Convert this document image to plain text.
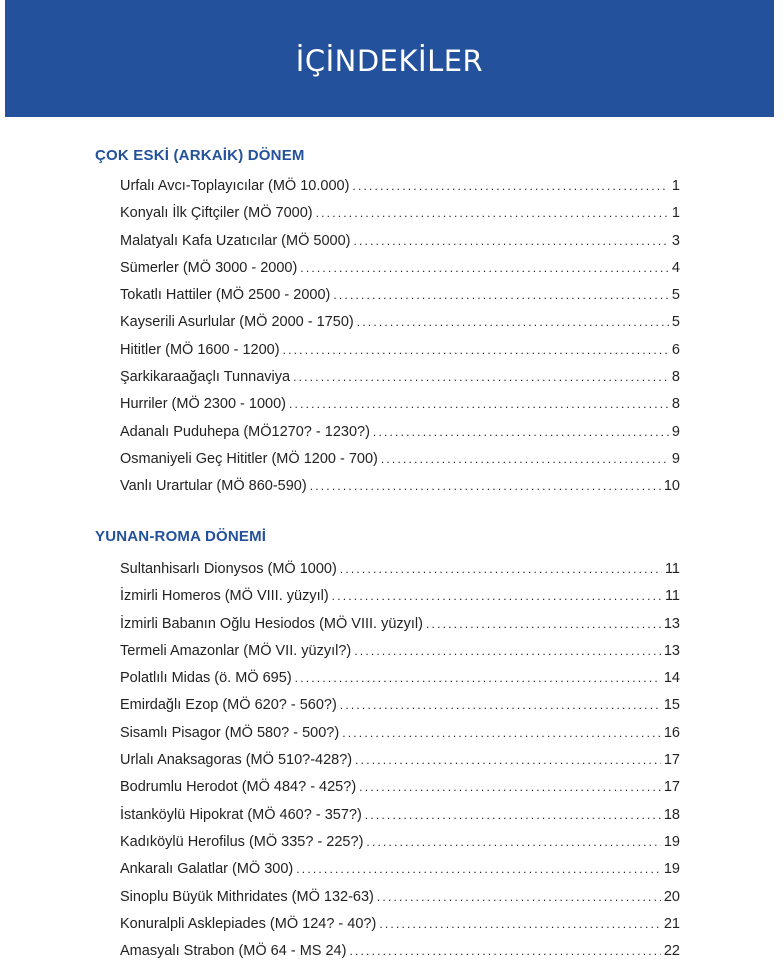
İÇİNDEKİLER
ÇOK ESKİ (ARKAİK) DÖNEM
Urfalı Avcı-Toplayıcılar (MÖ 10.000) .....	1
Konyalı İlk Çiftçiler (MÖ 7000) .....	1
Malatyalı Kafa Uzatıcılar (MÖ 5000) .....	3
Sümerler (MÖ 3000 - 2000) .....	4
Tokatlı Hattiler (MÖ 2500 - 2000) .....	5
Kayserili Asurlular (MÖ 2000 - 1750) .....	5
Hititler (MÖ 1600 - 1200) .....	6
Şarkikaraağaçlı Tunnaviya .....	8
Hurriler (MÖ 2300 - 1000) .....	8
Adanalı Puduhepa (MÖ1270? - 1230?) .....	9
Osmaniyeli Geç Hititler (MÖ 1200 - 700) .....	9
Vanlı Urartular (MÖ 860-590) .....	10
YUNAN-ROMA DÖNEMİ
Sultanhisarlı Dionysos (MÖ 1000) .....	11
İzmirli Homeros (MÖ VIII. yüzyıl) .....	11
İzmirli Babanın Oğlu Hesiodos (MÖ VIII. yüzyıl) .....	13
Termeli Amazonlar (MÖ VII. yüzyıl?) .....	13
Polatlılı Midas (ö. MÖ 695) .....	14
Emirdağlı Ezop (MÖ 620? - 560?) .....	15
Sisamlı Pisagor (MÖ 580? - 500?) .....	16
Urlalı Anaksagoras (MÖ 510?-428?) .....	17
Bodrumlu Herodot (MÖ 484? - 425?) .....	17
İstanköylü Hipokrat (MÖ 460? - 357?) .....	18
Kadıköylü Herofilus (MÖ 335? - 225?) .....	19
Ankaralı Galatlar (MÖ 300) .....	19
Sinoplu Büyük Mithridates (MÖ 132-63) .....	20
Konuralpli Asklepiades (MÖ 124? - 40?) .....	21
Amasyalı Strabon (MÖ 64 - MS 24) .....	22
